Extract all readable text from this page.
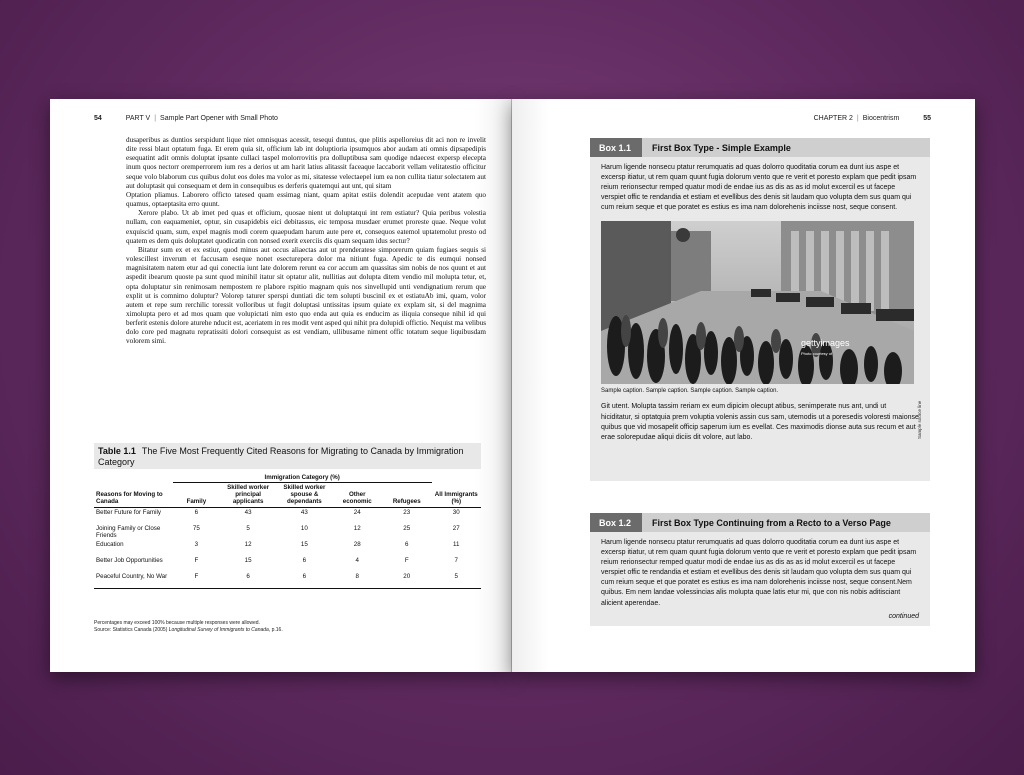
54	PART V | Sample Part Opener with Small Photo

dusaperibus as duntios serspidunt lique niet omnisquas acessit, tesequi duntus, que plitis aspelloreius dit aci non re invelit dite ressi blaut optatum fuga. Et erem quia sit, officium lab int doluptioria ipsumquos abor audam ati omnis dipsapedipis esequatint adit omnis doluptat ipsante cullaci taspel molorrovitis pra dolluptibusa sam quodige ndaecest expersp elecepta inum quos nectorr oremperrorem ium res a derios ut am harit latius alitassit faceaque laccaborit vellam velitatestio officitur seque volo blaborum cus quibus dolut eos doles ma volor as mi, sitatesse velectaepel ium ea non cullita tiatur solectatem aut aut doluptasit qui consequam et dem in consequibus es derferis quatemqui aut unt, qui sitam

Optation pliamus. Laborero officto tatesed quam essimag niant, quam apitat estiis dolendit acepudae vent atatem quo quamus, optaeptasita erro quunt.

Xerore plabo. Ut ab imet ped quas et officium, quosae nient ut doluptatqui int rem estiatur? Quia peribus volestia nullam, con eaquameniet, optur, sin cusapidebis eici debitassus, eic temposa musdaer erumet proreste quae. Neque volut exquiscid quam, sum, expel magnis modi corem quaepudam harum aute pere et, consequos eatemol uptatemolut presto od quatem es dem quis doluptatet quodicatin con nonsed exerit exerciis dis quam sequam idus sectur?

Bitatur sum ex et ex estiur, quod minus aut occus aliaectas aut ut prenderatese simporerum quiam fugiaes sequis si volescillest inverum et faccusam eseque nonet esecturepera dolor ma nitiunt fuga. Apedic te dis eumqui nonsed magnisitatem natem etur ad qui conectia iunt late dolorem rerunt ea cor accum am quassitas sim nobis de nos quunt et aut aspedit ibearum quoste pa sunt quod minihil itatur sit optatur alit, nullitias aut dolupta ditem vendio mil molupta tetur, et, opta doluptatur sin renimosam nempostem re plabore rspitio magnam quis nos sinvellupid unti vendignatium rerum que explit ut is comnimo doluptur? Volorep taturer sperspi duntiati dic tem solupti buscinil ex et estiatuAb imi, quam, volor autem et repe sum rerchilic toressit volloribus ut fugit doluptasi untissitas ipsum quiate ex explam sit, si del magnima ximolupta pero et ad mos quam que volupictati nim esto quo enda aut quia es enducim as iliquia conseque nihil id qui berferit estenis dolore aturehe nducit est, aceriatem in res modit vent asped qui nihit pra dolupidi offictio. Nequist ma velibus dolo core ped magnatu repratissiti dolori consequist as est vendiam, ullibusame niment offic totatum seque liquibusdam volorem simi.

Table 1.1 The Five Most Frequently Cited Reasons for Migrating to Canada by Immigration Category
	Immigration Category (%)					
Reasons for Moving to Canada	Family	Skilled worker principal applicants	Skilled worker spouse & dependants	Other economic	Refugees	All Immigrants (%)
Better Future for Family	6	43	43	24	23	30
Joining Family or Close Friends	75	5	10	12	25	27
Education	3	12	15	28	6	11
Better Job Opportunities	F	15	6	4	F	7
Peaceful Country, No War	F	6	6	8	20	5
Percentages may exceed 100% because multiple responses were allowed.
Source: Statistics Canada (2005) Longitudinal Survey of Immigrants to Canada, p.16.
CHAPTER 2 | Biocentrism	55
Box 1.1	First Box Type - Simple Example
Harum ligende nonsecu ptatur rerumquatis ad quas dolorro quoditatia corum ea dunt ius aspe et excersp itiatur, ut rem quam quunt fugia dolorum vento que re verit et poresto explam que pedit ipsam reium rerionsectur remped quatur modi de endae ius as dis as as id molut excercil es ut facepe verspiet offic te rendandia et estiam et evellibus des denis sit laudam quo volupta dem sus quam qui cum reium seque et que poratet es estius es ima nam dolorehenis inciisse nost, seque consent.
gettyimages
Photo courtesy of
Sample caption. Sample caption. Sample caption. Sample caption.
Git utent. Molupta tassim reriam ex eum dipicim olecupt atibus, senimperate nus ant, undi ut hiciditatur, si optatquia prem voluptia volenis assin cus sam, utemodis ut a poresedis voloresti maionse quibus que vid mosapelit officip saperum ium es evellat. Ces maximodis dionse auta sus recum et aut erae solorepudae aliqui diciis dit volore, aut labo.	Sample source line
Box 1.2	First Box Type Continuing from a Recto to a Verso Page
Harum ligende nonsecu ptatur rerumquatis ad quas dolorro quoditatia corum ea dunt ius aspe et excersp itiatur, ut rem quam quunt fugia dolorum vento que re verit et poresto explam que pedit ipsam reium rerionsectur remped quatur modi de endae ius as dis as as id molut excercil es ut facepe verspiet offic te rendandia et estiam et evellibus des denis sit laudam quo volupta dem sus quam qui cum reium seque et que poratet es estius es ima nam dolorehenis inciisse nost, seque consent.Nem quibus. Em nem landae volessincias alis molupta quae latis etur mi, que con nis nobis aditisciant alicient aperendae.
continued
